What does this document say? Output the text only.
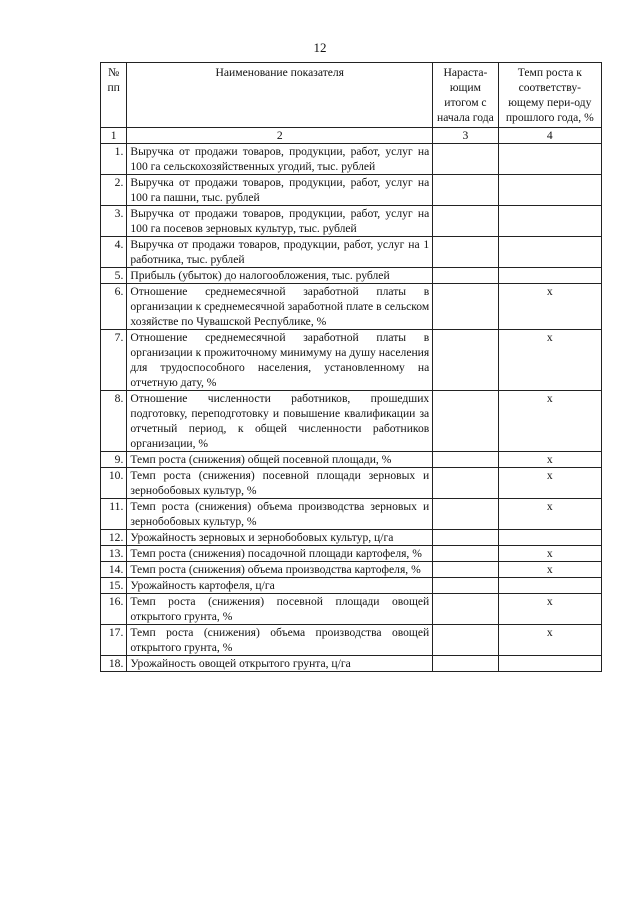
12
№ пп	Наименование показателя	Нараста-ющим итогом с начала года	Темп роста к соответству-ющему пери-оду прошлого года, %
1	2	3	4
1.	Выручка от продажи товаров, продукции, работ, услуг на 100 га сельскохозяйственных угодий, тыс. рублей		
2.	Выручка от продажи товаров, продукции, работ, услуг на 100 га пашни, тыс. рублей		
3.	Выручка от продажи товаров, продукции, работ, услуг на 100 га посевов зерновых культур, тыс. рублей		
4.	Выручка от продажи товаров, продукции, работ, услуг на 1 работника, тыс. рублей		
5.	Прибыль (убыток) до налогообложения, тыс. рублей		
6.	Отношение среднемесячной заработной платы в организации к среднемесячной заработной плате в сельском хозяйстве по Чувашской Республике, %		х
7.	Отношение среднемесячной заработной платы в организации к прожиточному минимуму на душу населения для трудоспособного населения, установленному на отчетную дату, %		х
8.	Отношение численности работников, прошедших подготовку, переподготовку и повышение квалификации за отчетный период, к общей численности работников организации, %		х
9.	Темп роста (снижения) общей посевной площади, %		х
10.	Темп роста (снижения) посевной площади зерновых и зернобобовых культур, %		х
11.	Темп роста (снижения) объема производства зерновых и зернобобовых культур, %		х
12.	Урожайность зерновых и зернобобовых культур, ц/га		
13.	Темп роста (снижения) посадочной площади картофеля, %		х
14.	Темп роста (снижения) объема производства картофеля, %		х
15.	Урожайность картофеля, ц/га		
16.	Темп роста (снижения) посевной площади овощей открытого грунта, %		х
17.	Темп роста (снижения) объема производства овощей открытого грунта, %		х
18.	Урожайность овощей открытого грунта, ц/га		
